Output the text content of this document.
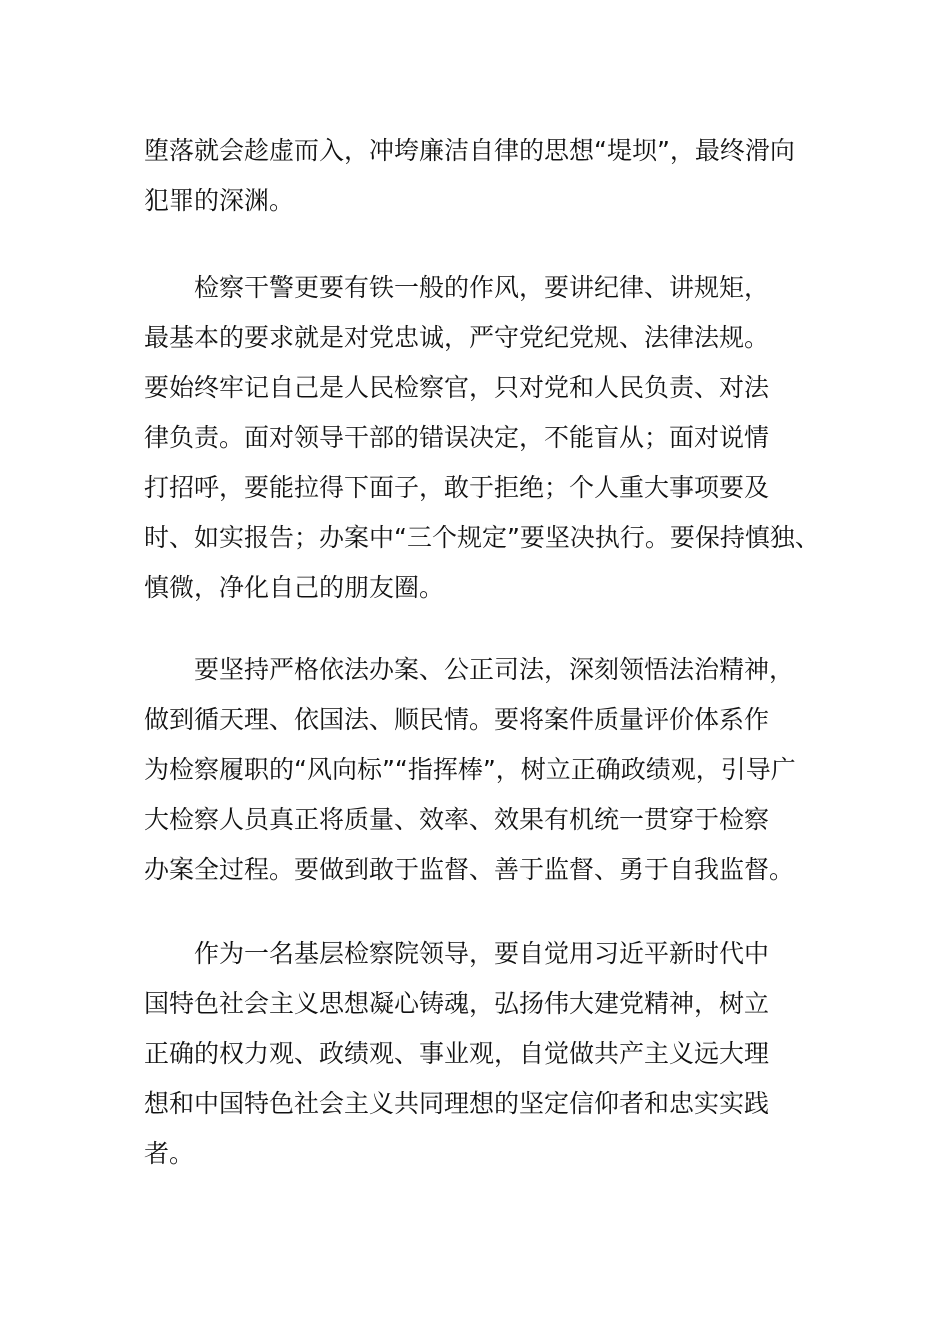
堕落就会趁虚而入，冲垮廉洁自律的思想“堤坝”，最终滑向
犯罪的深渊。
检察干警更要有铁一般的作风，要讲纪律、讲规矩，
最基本的要求就是对党忠诚，严守党纪党规、法律法规。
要始终牢记自己是人民检察官，只对党和人民负责、对法
律负责。面对领导干部的错误决定，不能盲从；面对说情
打招呼，要能拉得下面子，敢于拒绝；个人重大事项要及
时、如实报告；办案中“三个规定”要坚决执行。要保持慎独、
慎微，净化自己的朋友圈。
要坚持严格依法办案、公正司法，深刻领悟法治精神，
做到循天理、依国法、顺民情。要将案件质量评价体系作
为检察履职的“风向标”“指挥棒”，树立正确政绩观，引导广
大检察人员真正将质量、效率、效果有机统一贯穿于检察
办案全过程。要做到敢于监督、善于监督、勇于自我监督。
作为一名基层检察院领导，要自觉用习近平新时代中
国特色社会主义思想凝心铸魂，弘扬伟大建党精神，树立
正确的权力观、政绩观、事业观，自觉做共产主义远大理
想和中国特色社会主义共同理想的坚定信仰者和忠实实践
者。
